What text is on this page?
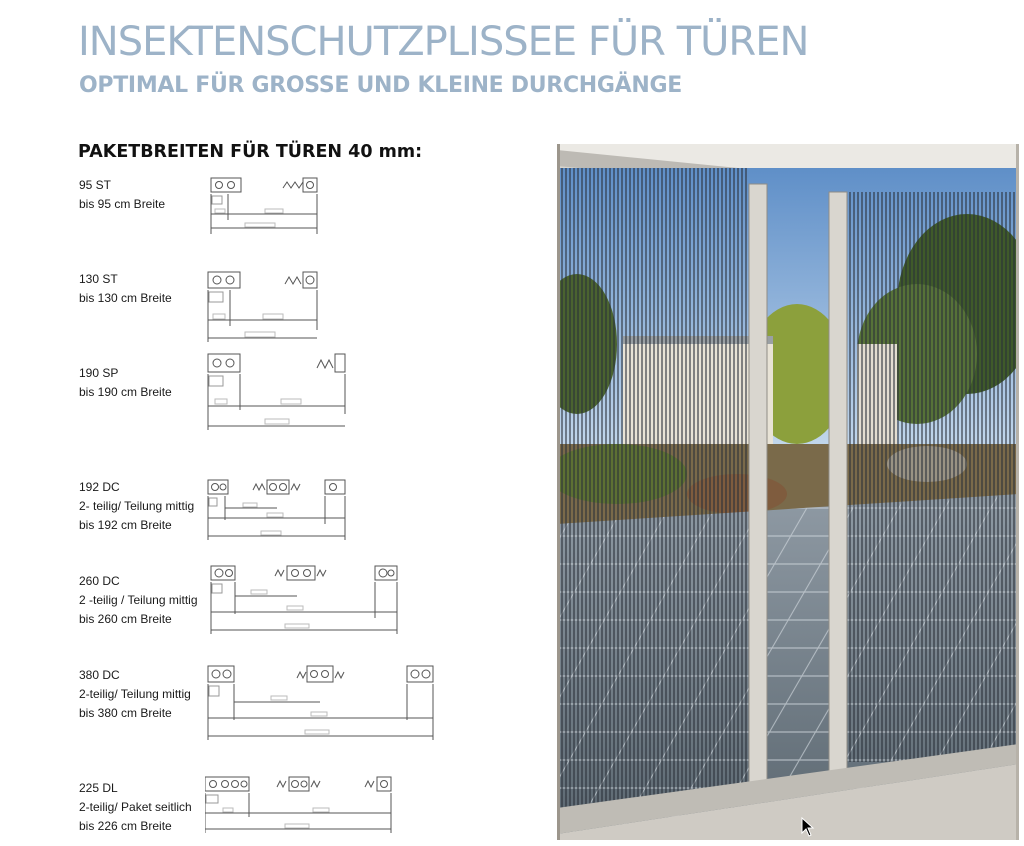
INSEKTENSCHUTZPLISSEE FÜR TÜREN
OPTIMAL FÜR GROSSE UND KLEINE DURCHGÄNGE
PAKETBREITEN FÜR TÜREN 40 mm:
95 ST
bis 95 cm Breite
130 ST
bis 130 cm Breite
190 SP
bis 190 cm Breite
192 DC
2- teilig/ Teilung mittig
bis 192 cm Breite
260 DC
2 -teilig / Teilung mittig
bis 260 cm Breite
380 DC
2-teilig/ Teilung mittig
bis 380 cm Breite
225 DL
2-teilig/ Paket seitlich
bis 226 cm Breite
